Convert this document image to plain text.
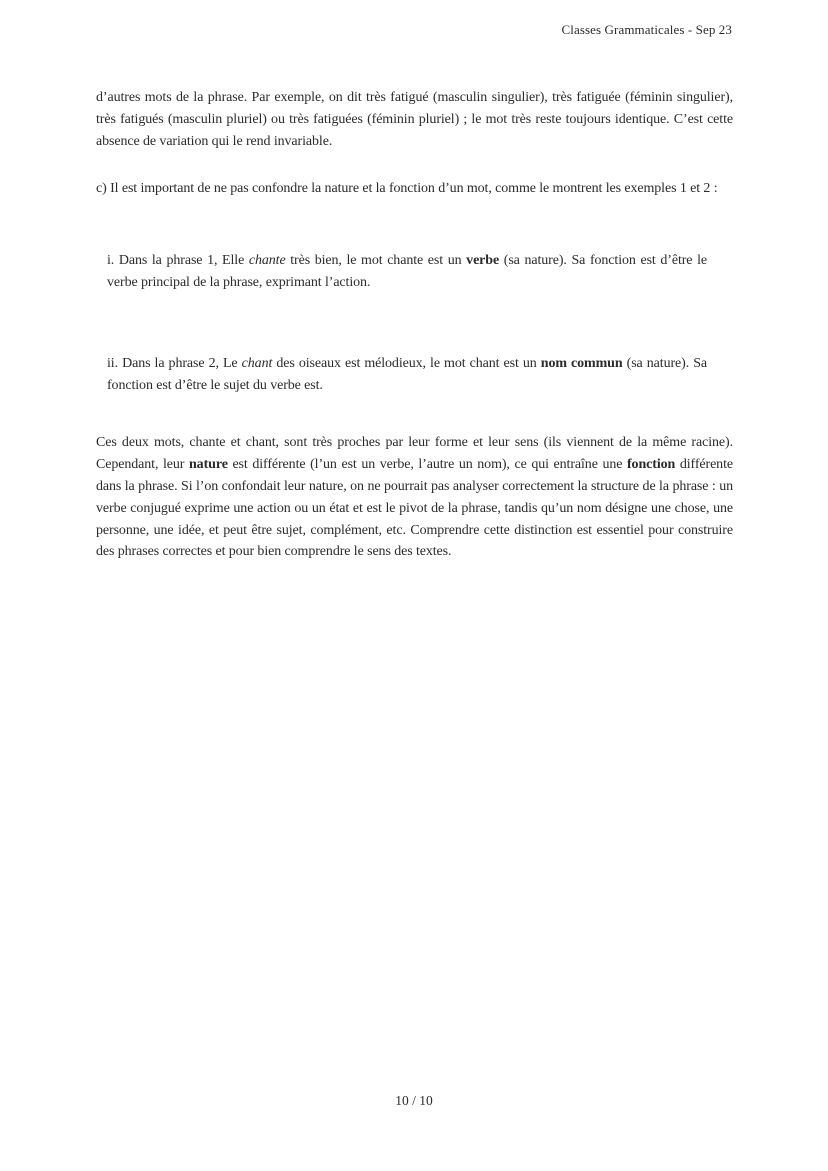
Classes Grammaticales - Sep 23

d’autres mots de la phrase. Par exemple, on dit très fatigué (masculin singulier), très fatiguée (féminin singulier), très fatigués (masculin pluriel) ou très fatiguées (féminin pluriel) ; le mot très reste toujours identique. C’est cette absence de variation qui le rend invariable.

c) Il est important de ne pas confondre la nature et la fonction d’un mot, comme le montrent les exemples 1 et 2 :

i. Dans la phrase 1, Elle chante très bien, le mot chante est un verbe (sa nature). Sa fonction est d’être le verbe principal de la phrase, exprimant l’action.
ii. Dans la phrase 2, Le chant des oiseaux est mélodieux, le mot chant est un nom commun (sa nature). Sa fonction est d’être le sujet du verbe est.

Ces deux mots, chante et chant, sont très proches par leur forme et leur sens (ils viennent de la même racine). Cependant, leur nature est différente (l’un est un verbe, l’autre un nom), ce qui entraîne une fonction différente dans la phrase. Si l’on confondait leur nature, on ne pourrait pas analyser correctement la structure de la phrase : un verbe conjugué exprime une action ou un état et est le pivot de la phrase, tandis qu’un nom désigne une chose, une personne, une idée, et peut être sujet, complément, etc. Comprendre cette distinction est essentiel pour construire des phrases correctes et pour bien comprendre le sens des textes.

10 / 10
